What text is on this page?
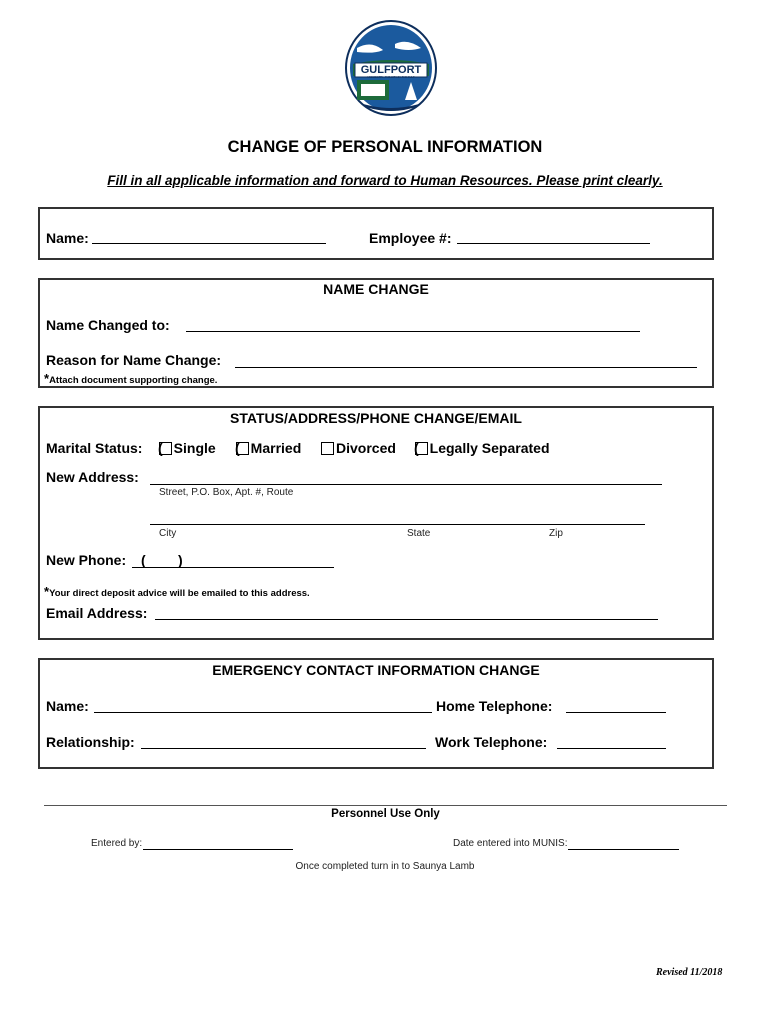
GULFPORT
MISSISSIPPI · THE CITY BY THE GULF
CHANGE OF PERSONAL INFORMATION
Fill in all applicable information and forward to Human Resources. Please print clearly.
Name:	Employee #:
NAME CHANGE
Name Changed to:
Reason for Name Change:
*Attach document supporting change.
STATUS/ADDRESS/PHONE CHANGE/EMAIL
Marital Status: ( Single ( Married	Divorced ( Legally Separated
New Address:
Street, P.O. Box, Apt. #, Route
City	State	Zip
New Phone: ( )
*Your direct deposit advice will be emailed to this address.
Email Address:
EMERGENCY CONTACT INFORMATION CHANGE
Name:	Home Telephone:
Relationship:	Work Telephone:
Personnel Use Only
Entered by:	Date entered into MUNIS:
Once completed turn in to Saunya Lamb
Revised 11/2018
